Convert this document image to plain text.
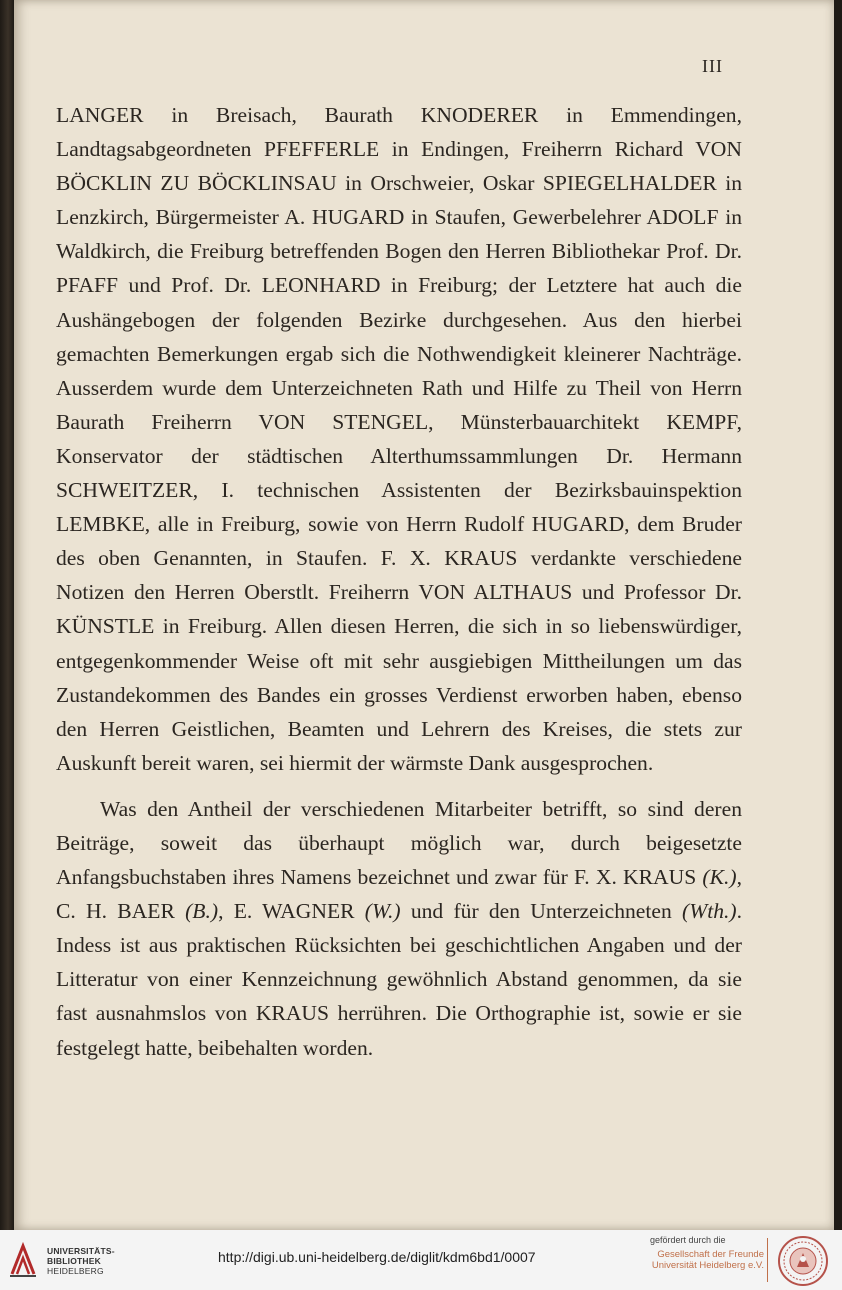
III

LANGER in Breisach, Baurath KNODERER in Emmendingen, Landtagsabgeordneten PFEFFERLE in Endingen, Freiherrn Richard VON BÖCKLIN ZU BÖCKLINSAU in Orschweier, Oskar SPIEGELHALDER in Lenzkirch, Bürgermeister A. HUGARD in Staufen, Gewerbelehrer ADOLF in Waldkirch, die Freiburg betreffenden Bogen den Herren Bibliothekar Prof. Dr. PFAFF und Prof. Dr. LEONHARD in Freiburg; der Letztere hat auch die Aushängebogen der folgenden Bezirke durchgesehen. Aus den hierbei gemachten Bemerkungen ergab sich die Nothwendigkeit kleinerer Nachträge. Ausserdem wurde dem Unterzeichneten Rath und Hilfe zu Theil von Herrn Baurath Freiherrn VON STENGEL, Münsterbauarchitekt KEMPF, Konservator der städtischen Alterthumssammlungen Dr. Hermann SCHWEITZER, I. technischen Assistenten der Bezirksbauinspektion LEMBKE, alle in Freiburg, sowie von Herrn Rudolf HUGARD, dem Bruder des oben Genannten, in Staufen. F. X. KRAUS verdankte verschiedene Notizen den Herren Oberstlt. Freiherrn VON ALTHAUS und Professor Dr. KÜNSTLE in Freiburg. Allen diesen Herren, die sich in so liebenswürdiger, entgegenkommender Weise oft mit sehr ausgiebigen Mittheilungen um das Zustandekommen des Bandes ein grosses Verdienst erworben haben, ebenso den Herren Geistlichen, Beamten und Lehrern des Kreises, die stets zur Auskunft bereit waren, sei hiermit der wärmste Dank ausgesprochen.

Was den Antheil der verschiedenen Mitarbeiter betrifft, so sind deren Beiträge, soweit das überhaupt möglich war, durch beigesetzte Anfangsbuchstaben ihres Namens bezeichnet und zwar für F. X. KRAUS (K.), C. H. BAER (B.), E. WAGNER (W.) und für den Unterzeichneten (Wth.). Indess ist aus praktischen Rücksichten bei geschichtlichen Angaben und der Litteratur von einer Kennzeichnung gewöhnlich Abstand genommen, da sie fast ausnahmslos von KRAUS herrühren. Die Orthographie ist, sowie er sie festgelegt hatte, beibehalten worden.

UNIVERSITÄTS-
BIBLIOTHEK
HEIDELBERG
http://digi.ub.uni-heidelberg.de/diglit/kdm6bd1/0007
gefördert durch die
Gesellschaft der Freunde
Universität Heidelberg e.V.
